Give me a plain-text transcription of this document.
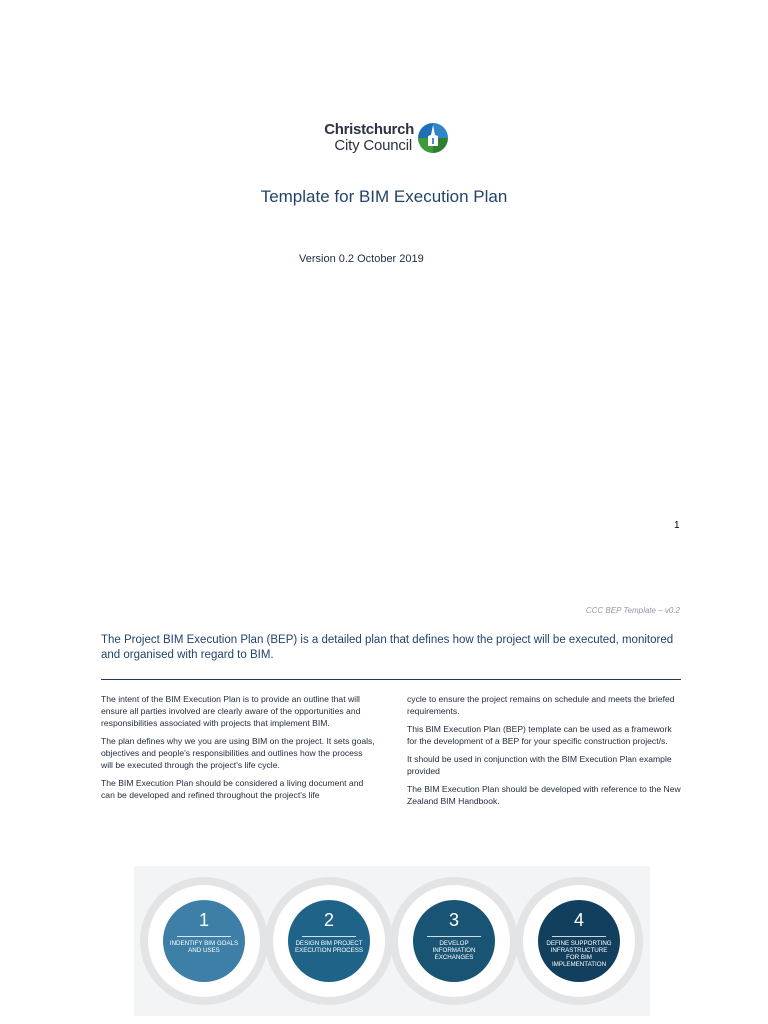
Christchurch
City Council
Template for BIM Execution Plan
Version 0.2 October 2019
1
CCC BEP Template – v0.2
The Project BIM Execution Plan (BEP) is a detailed plan that defines how the project will be executed, monitored and organised with regard to BIM.

The intent of the BIM Execution Plan is to provide an outline that will ensure all parties involved are clearly aware of the opportunities and responsibilities associated with projects that implement BIM.

The plan defines why we you are using BIM on the project. It sets goals, objectives and people's responsibilities and outlines how the process will be executed through the project's life cycle.

The BIM Execution Plan should be considered a living document and can be developed and refined throughout the project's life

cycle to ensure the project remains on schedule and meets the briefed requirements.

This BIM Execution Plan (BEP) template can be used as a framework for the development of a BEP for your specific construction project/s.

It should be used in conjunction with the BIM Execution Plan example provided

The BIM Execution Plan should be developed with reference to the New Zealand BIM Handbook.

1
INDENTIFY BIM GOALS AND USES
2
DESIGN BIM PROJECT EXECUTION PROCESS
3
DEVELOP INFORMATION EXCHANGES
4
DEFINE SUPPORTING INFRASTRUCTURE FOR BIM IMPLEMENTATION
